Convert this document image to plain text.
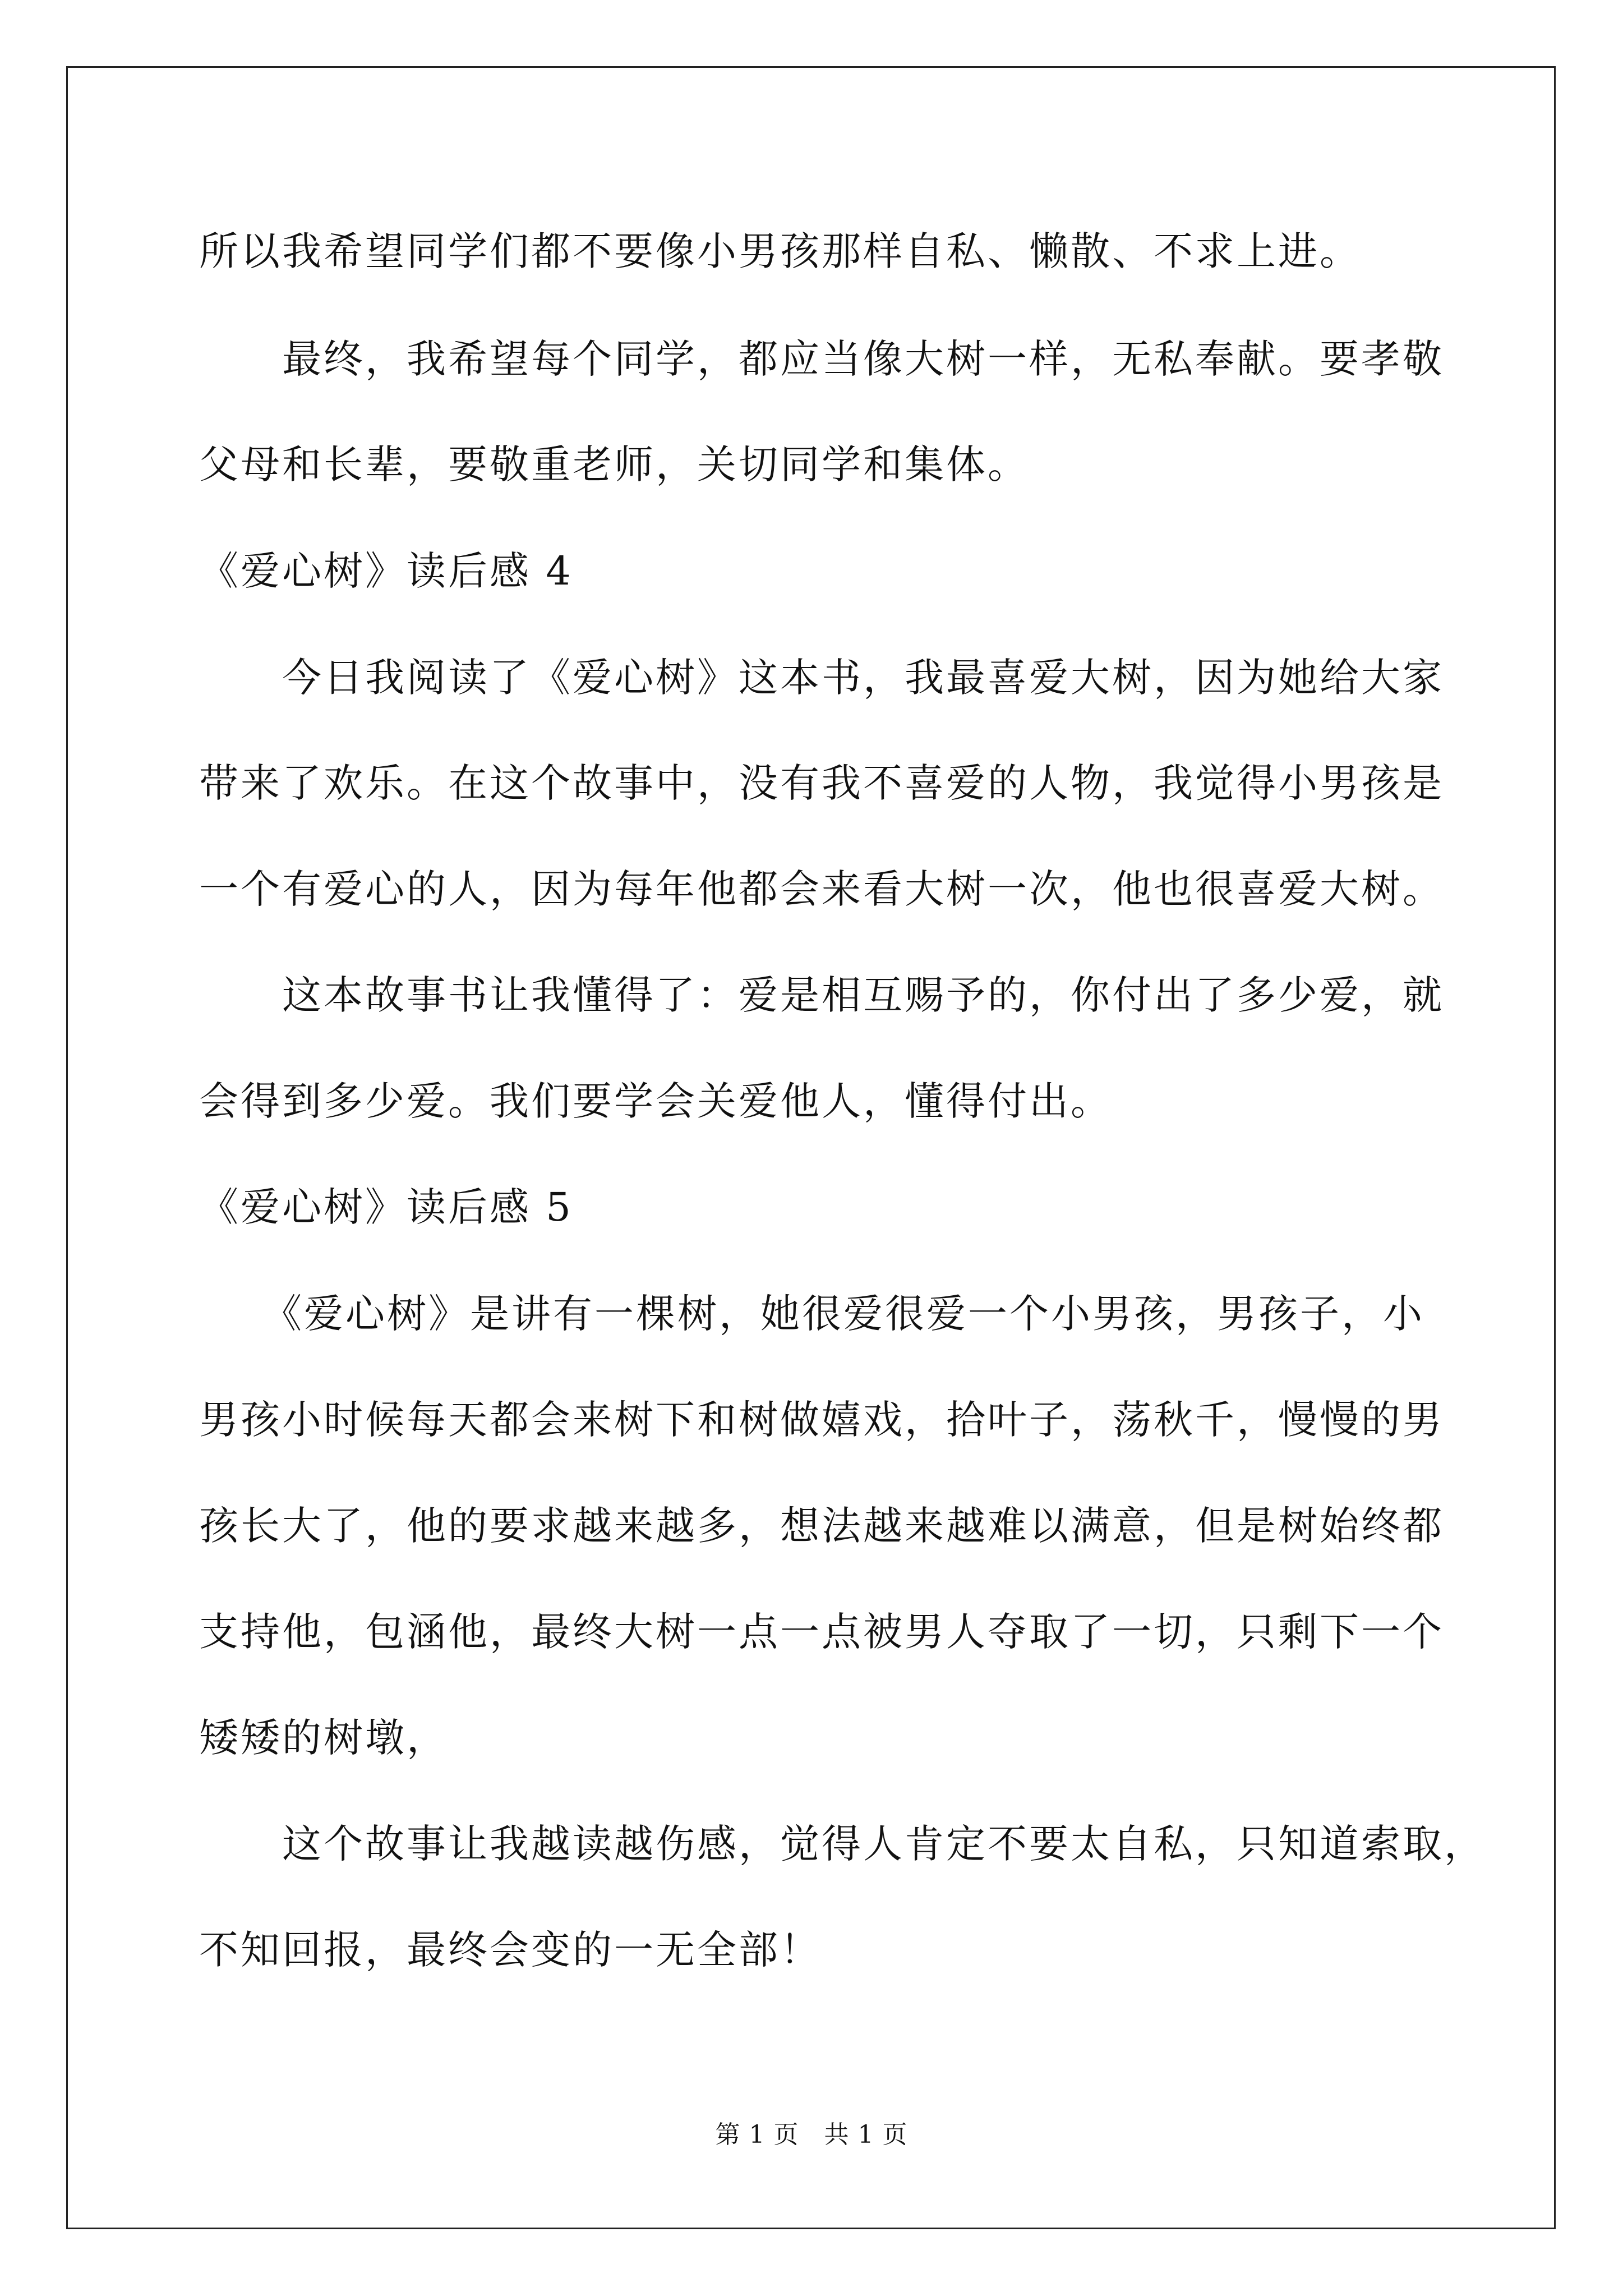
所以我希望同学们都不要像小男孩那样自私、懒散、不求上进。
　　最终，我希望每个同学，都应当像大树一样，无私奉献。要孝敬
父母和长辈，要敬重老师，关切同学和集体。
《爱心树》读后感 4
　　今日我阅读了《爱心树》这本书，我最喜爱大树，因为她给大家
带来了欢乐。在这个故事中，没有我不喜爱的人物，我觉得小男孩是
一个有爱心的人，因为每年他都会来看大树一次，他也很喜爱大树。
　　这本故事书让我懂得了：爱是相互赐予的，你付出了多少爱，就
会得到多少爱。我们要学会关爱他人，懂得付出。
《爱心树》读后感 5
　　《爱心树》是讲有一棵树，她很爱很爱一个小男孩，男孩子，小
男孩小时候每天都会来树下和树做嬉戏，拾叶子，荡秋千，慢慢的男
孩长大了，他的要求越来越多，想法越来越难以满意，但是树始终都
支持他，包涵他，最终大树一点一点被男人夺取了一切，只剩下一个
矮矮的树墩，
　　这个故事让我越读越伤感，觉得人肯定不要太自私，只知道索取，
不知回报，最终会变的一无全部！
第 1 页　共 1 页
